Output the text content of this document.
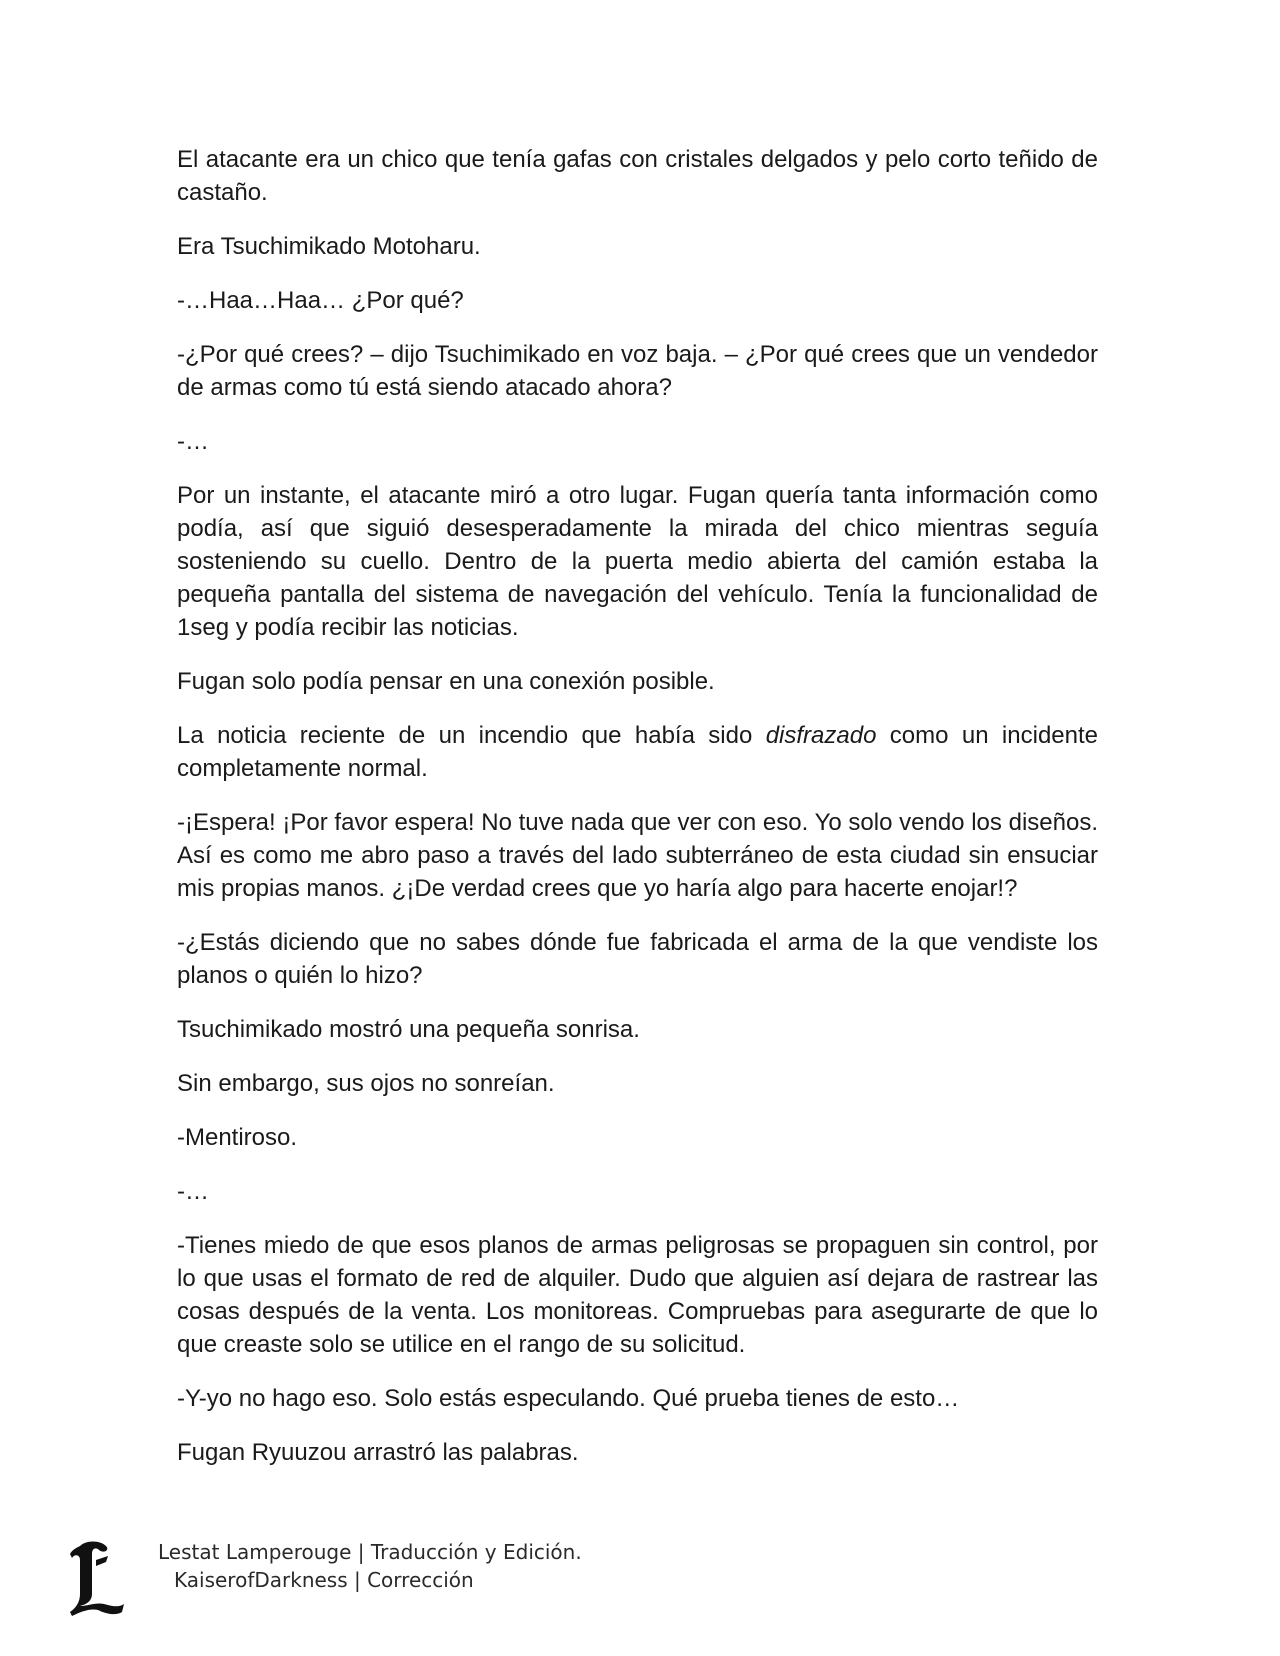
El atacante era un chico que tenía gafas con cristales delgados y pelo corto teñido de castaño.

Era Tsuchimikado Motoharu.

-…Haa…Haa… ¿Por qué?

-¿Por qué crees? – dijo Tsuchimikado en voz baja. – ¿Por qué crees que un vendedor de armas como tú está siendo atacado ahora?

-…

Por un instante, el atacante miró a otro lugar. Fugan quería tanta información como podía, así que siguió desesperadamente la mirada del chico mientras seguía sosteniendo su cuello. Dentro de la puerta medio abierta del camión estaba la pequeña pantalla del sistema de navegación del vehículo. Tenía la funcionalidad de 1seg y podía recibir las noticias.

Fugan solo podía pensar en una conexión posible.

La noticia reciente de un incendio que había sido disfrazado como un incidente completamente normal.

-¡Espera! ¡Por favor espera! No tuve nada que ver con eso. Yo solo vendo los diseños. Así es como me abro paso a través del lado subterráneo de esta ciudad sin ensuciar mis propias manos. ¿¡De verdad crees que yo haría algo para hacerte enojar!?

-¿Estás diciendo que no sabes dónde fue fabricada el arma de la que vendiste los planos o quién lo hizo?

Tsuchimikado mostró una pequeña sonrisa.

Sin embargo, sus ojos no sonreían.

-Mentiroso.

-…

-Tienes miedo de que esos planos de armas peligrosas se propaguen sin control, por lo que usas el formato de red de alquiler. Dudo que alguien así dejara de rastrear las cosas después de la venta. Los monitoreas. Compruebas para asegurarte de que lo que creaste solo se utilice en el rango de su solicitud.

-Y-yo no hago eso. Solo estás especulando. Qué prueba tienes de esto…

Fugan Ryuuzou arrastró las palabras.

Lestat Lamperouge | Traducción y Edición.
KaiserofDarkness | Corrección
